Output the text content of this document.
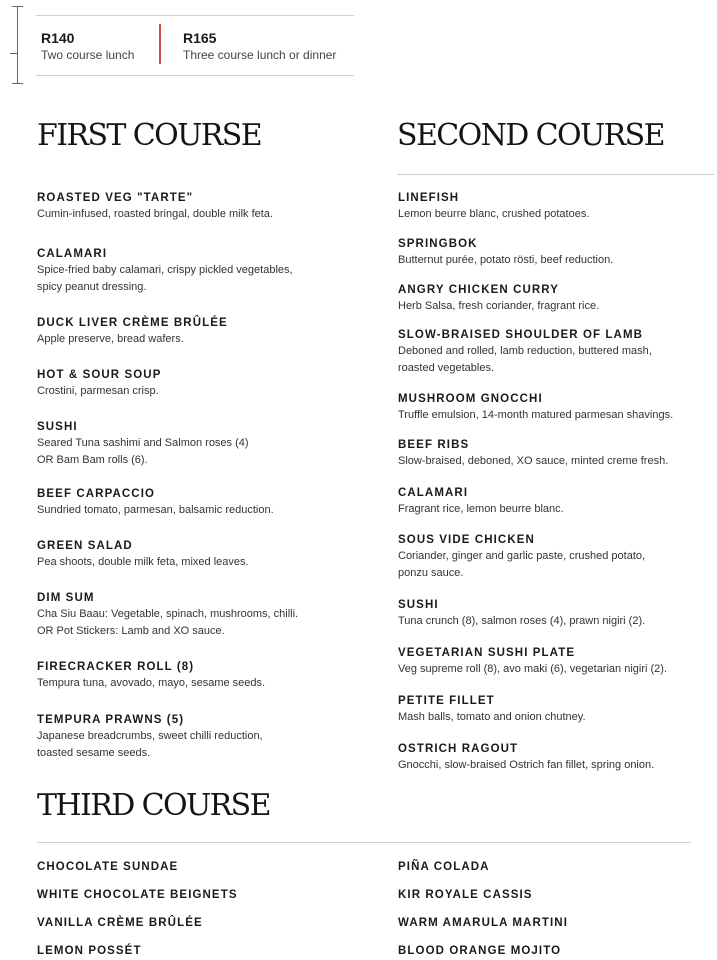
R140
Two course lunch
R165
Three course lunch or dinner
FIRST COURSE	SECOND COURSE
ROASTED VEG "TARTE"
Cumin-infused, roasted bringal, double milk feta.
CALAMARI
Spice-fried baby calamari, crispy pickled vegetables,
spicy peanut dressing.
DUCK LIVER CRÈME BRÛLÉE
Apple preserve, bread wafers.
HOT & SOUR SOUP
Crostini, parmesan crisp.
SUSHI
Seared Tuna sashimi and Salmon roses (4)
OR Bam Bam rolls (6).
BEEF CARPACCIO
Sundried tomato, parmesan, balsamic reduction.
GREEN SALAD
Pea shoots, double milk feta, mixed leaves.
DIM SUM
Cha Siu Baau: Vegetable, spinach, mushrooms, chilli.
OR Pot Stickers: Lamb and XO sauce.
FIRECRACKER ROLL (8)
Tempura tuna, avovado, mayo, sesame seeds.
TEMPURA PRAWNS (5)
Japanese breadcrumbs, sweet chilli reduction,
toasted sesame seeds.
LINEFISH
Lemon beurre blanc, crushed potatoes.
SPRINGBOK
Butternut purée, potato rösti, beef reduction.
ANGRY CHICKEN CURRY
Herb Salsa, fresh coriander, fragrant rice.
SLOW-BRAISED SHOULDER OF LAMB
Deboned and rolled, lamb reduction, buttered mash,
roasted vegetables.
MUSHROOM GNOCCHI
Truffle emulsion, 14-month matured parmesan shavings.
BEEF RIBS
Slow-braised, deboned, XO sauce, minted creme fresh.
CALAMARI
Fragrant rice, lemon beurre blanc.
SOUS VIDE CHICKEN
Coriander, ginger and garlic paste, crushed potato,
ponzu sauce.
SUSHI
Tuna crunch (8), salmon roses (4), prawn nigiri (2).
VEGETARIAN SUSHI PLATE
Veg supreme roll (8), avo maki (6), vegetarian nigiri (2).
PETITE FILLET
Mash balls, tomato and onion chutney.
OSTRICH RAGOUT
Gnocchi, slow-braised Ostrich fan fillet, spring onion.
THIRD COURSE
CHOCOLATE SUNDAE
WHITE CHOCOLATE BEIGNETS
VANILLA CRÈME BRÛLÉE
LEMON POSSÉT
PIÑA COLADA
KIR ROYALE CASSIS
WARM AMARULA MARTINI
BLOOD ORANGE MOJITO
